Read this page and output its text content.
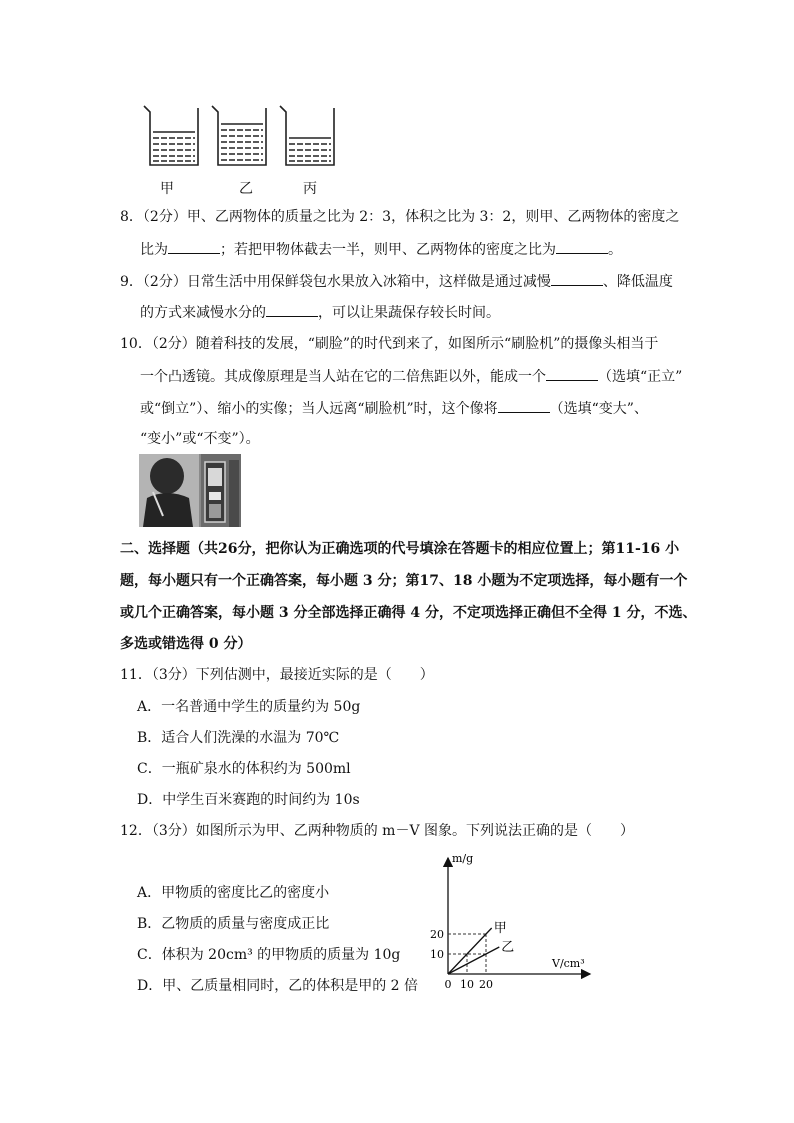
甲	乙	丙
8．（2分）甲、乙两物体的质量之比为 2：3，体积之比为 3：2，则甲、乙两物体的密度之
比为	；若把甲物体截去一半，则甲、乙两物体的密度之比为	。
9．（2分）日常生活中用保鲜袋包水果放入冰箱中，这样做是通过减慢	、降低温度
的方式来减慢水分的	，可以让果蔬保存较长时间。
10．（2分）随着科技的发展，“刷脸”的时代到来了，如图所示“刷脸机”的摄像头相当于
一个凸透镜。其成像原理是当人站在它的二倍焦距以外，能成一个	（选填“正立”
或“倒立”）、缩小的实像；当人远离“刷脸机”时，这个像将	（选填“变大”、
“变小”或“不变”）。
二、选择题（共26分，把你认为正确选项的代号填涂在答题卡的相应位置上；第11-16 小
题，每小题只有一个正确答案，每小题 3 分；第17、18 小题为不定项选择，每小题有一个
或几个正确答案，每小题 3 分全部选择正确得 4 分，不定项选择正确但不全得 1 分，不选、
多选或错选得 0 分）
11．（3分）下列估测中，最接近实际的是（　　）
A．一名普通中学生的质量约为 50g
B．适合人们洗澡的水温为 70℃
C．一瓶矿泉水的体积约为 500ml
D．中学生百米赛跑的时间约为 10s
12．（3分）如图所示为甲、乙两种物质的 m－V 图象。下列说法正确的是（　　）
A．甲物质的密度比乙的密度小
B．乙物质的质量与密度成正比
C．体积为 20cm³ 的甲物质的质量为 10g
D．甲、乙质量相同时，乙的体积是甲的 2 倍
m/g
V/cm³
甲
乙
0 10 20
10
20
